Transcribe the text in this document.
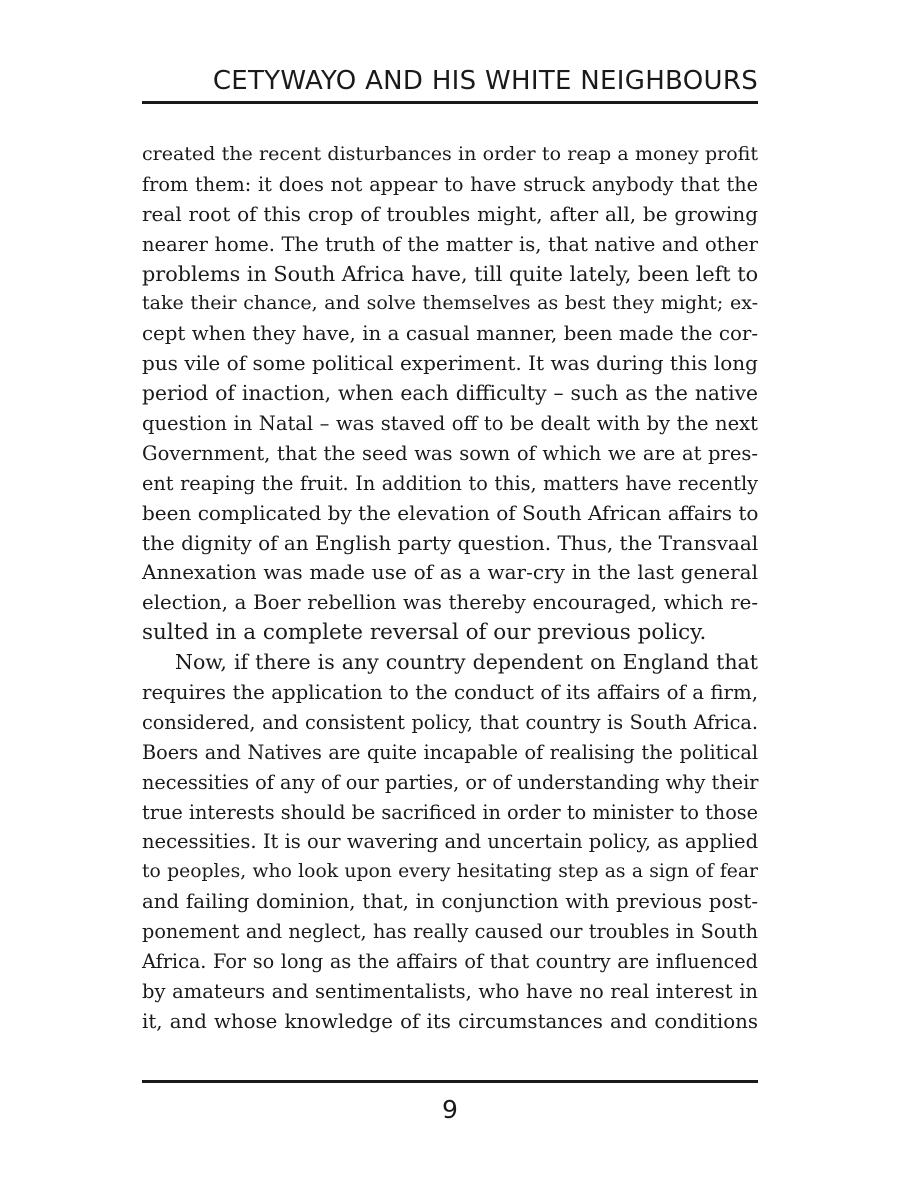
CETYWAYO AND HIS WHITE NEIGHBOURS
created the recent disturbances in order to reap a money profit
from them: it does not appear to have struck anybody that the
real root of this crop of troubles might, after all, be growing
nearer home. The truth of the matter is, that native and other
problems in South Africa have, till quite lately, been left to
take their chance, and solve themselves as best they might; ex-
cept when they have, in a casual manner, been made the cor-
pus vile of some political experiment. It was during this long
period of inaction, when each difficulty – such as the native
question in Natal – was staved off to be dealt with by the next
Government, that the seed was sown of which we are at pres-
ent reaping the fruit. In addition to this, matters have recently
been complicated by the elevation of South African affairs to
the dignity of an English party question. Thus, the Transvaal
Annexation was made use of as a war-cry in the last general
election, a Boer rebellion was thereby encouraged, which re-
sulted in a complete reversal of our previous policy.
Now, if there is any country dependent on England that
requires the application to the conduct of its affairs of a firm,
considered, and consistent policy, that country is South Africa.
Boers and Natives are quite incapable of realising the political
necessities of any of our parties, or of understanding why their
true interests should be sacrificed in order to minister to those
necessities. It is our wavering and uncertain policy, as applied
to peoples, who look upon every hesitating step as a sign of fear
and failing dominion, that, in conjunction with previous post-
ponement and neglect, has really caused our troubles in South
Africa. For so long as the affairs of that country are influenced
by amateurs and sentimentalists, who have no real interest in
it, and whose knowledge of its circumstances and conditions
9
